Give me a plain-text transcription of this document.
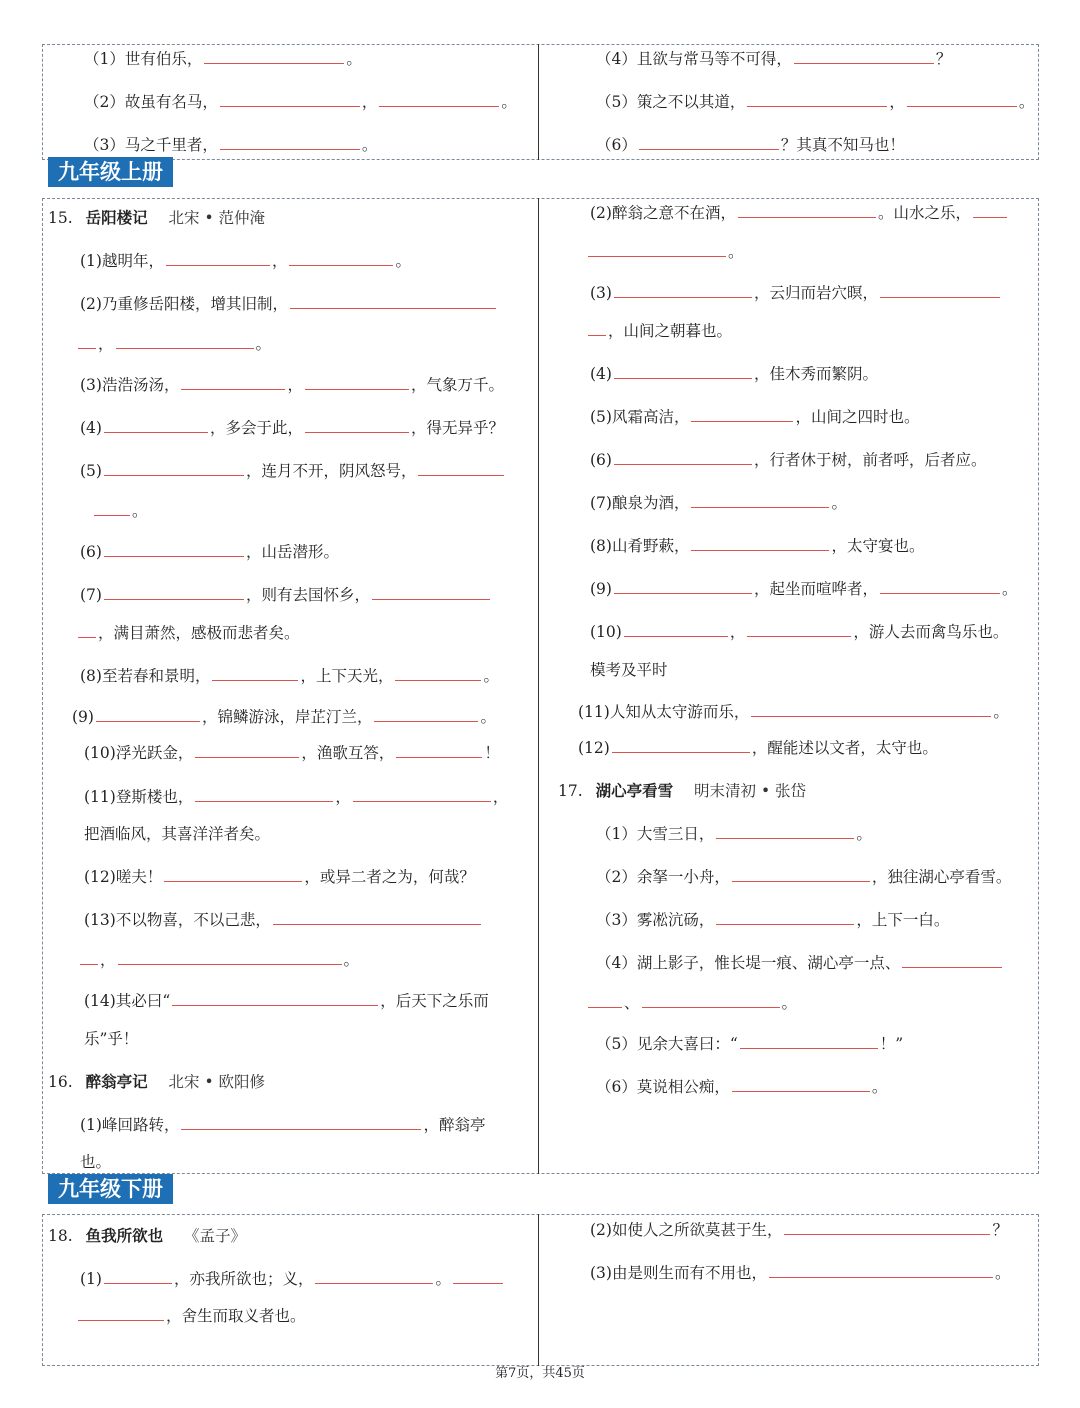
九年级上册
九年级下册
（1）世有伯乐，	。
（2）故虽有名马，	，	。
（3）马之千里者，	。
（4）且欲与常马等不可得，	？
（5）策之不以其道，	，	。
（6）	？其真不知马也！
15. 岳阳楼记 北宋 • 范仲淹
(1)越明年，	，	。
(2)乃重修岳阳楼，增其旧制，
，	。
(3)浩浩汤汤，	，	，气象万千。
(4)	，多会于此，	，得无异乎？
(5)	，连月不开，阴风怒号，
。
(6)	，山岳潜形。
(7)	，则有去国怀乡，
，满目萧然，感极而悲者矣。
(8)至若春和景明，	，上下天光，	。
(9)	，锦鳞游泳，岸芷汀兰，	。
(10)浮光跃金，	，渔歌互答，	！
(11)登斯楼也，	，	，
把酒临风，其喜洋洋者矣。
(12)嗟夫！	，或异二者之为，何哉？
(13)不以物喜，不以己悲，
，	。
(14)其必曰“	，后天下之乐而
乐”乎！
16. 醉翁亭记 北宋 • 欧阳修
(1)峰回路转，	，醉翁亭
也。
(2)醉翁之意不在酒，	。山水之乐，
。
(3)	，云归而岩穴暝，
，山间之朝暮也。
(4)	，佳木秀而繁阴。
(5)风霜高洁，	，山间之四时也。
(6)	，行者休于树，前者呼，后者应。
(7)酿泉为酒，	。
(8)山肴野蔌，	，太守宴也。
(9)	，起坐而喧哗者，	。
(10)	，	，游人去而禽鸟乐也。
模考及平时
(11)人知从太守游而乐，	。
(12)	，醒能述以文者，太守也。
17. 湖心亭看雪 明末清初 • 张岱
（1）大雪三日，	。
（2）余拏一小舟，	，独往湖心亭看雪。
（3）雾凇沆砀，	，上下一白。
（4）湖上影子，惟长堤一痕、湖心亭一点、
、	。
（5）见余大喜曰：“	！”
（6）莫说相公痴，	。
18. 鱼我所欲也 《孟子》
(1)	，亦我所欲也；义，	。
，舍生而取义者也。
(2)如使人之所欲莫甚于生，	？
(3)由是则生而有不用也，	。
第7页，共45页
